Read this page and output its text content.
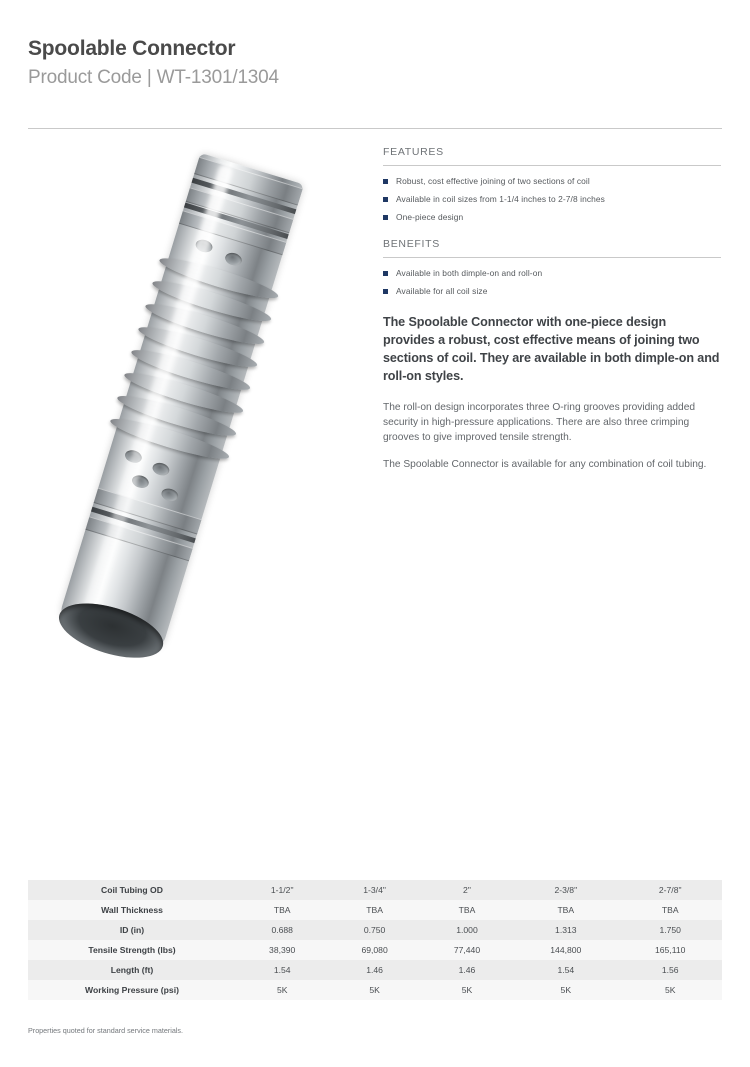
Spoolable Connector
Product Code | WT-1301/1304
FEATURES
Robust, cost effective joining of two sections of coil
Available in coil sizes from 1-1/4 inches to 2-7/8 inches
One-piece design
BENEFITS
Available in both dimple-on and roll-on
Available for all coil size

The Spoolable Connector with one-piece design provides a robust, cost effective means of joining two sections of coil. They are available in both dimple-on and roll-on styles.

The roll-on design incorporates three O-ring grooves providing added security in high-pressure applications. There are also three crimping grooves to give improved tensile strength.

The Spoolable Connector is available for any combination of coil tubing.

Coil Tubing OD	1-1/2"	1-3/4"	2"	2-3/8"	2-7/8"
Wall Thickness	TBA	TBA	TBA	TBA	TBA
ID (in)	0.688	0.750	1.000	1.313	1.750
Tensile Strength (lbs)	38,390	69,080	77,440	144,800	165,110
Length (ft)	1.54	1.46	1.46	1.54	1.56
Working Pressure (psi)	5K	5K	5K	5K	5K
Properties quoted for standard service materials.
